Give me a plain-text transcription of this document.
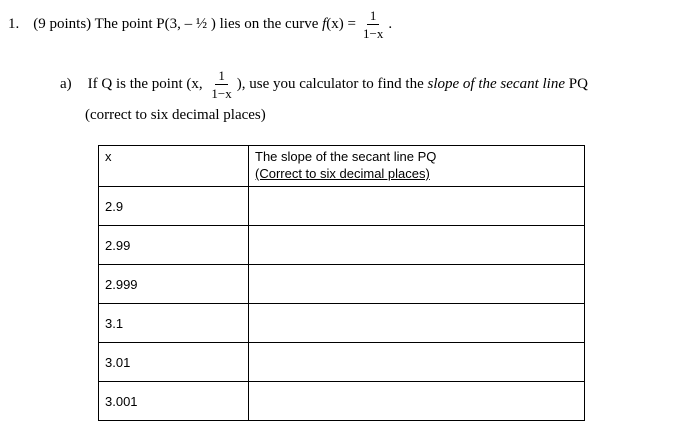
1. (9 points) The point P(3, – ½ ) lies on the curve f $(x) = \frac{1}{1-x}$ .
a) If Q is the point (x, $\frac{1}{1-x}$ ), use you calculator to find the slope of the secant line PQ
(correct to six decimal places)
x	The slope of the secant line PQ
(Correct to six decimal places)

2.9	
2.99	
2.999	
3.1	
3.01	
3.001	
